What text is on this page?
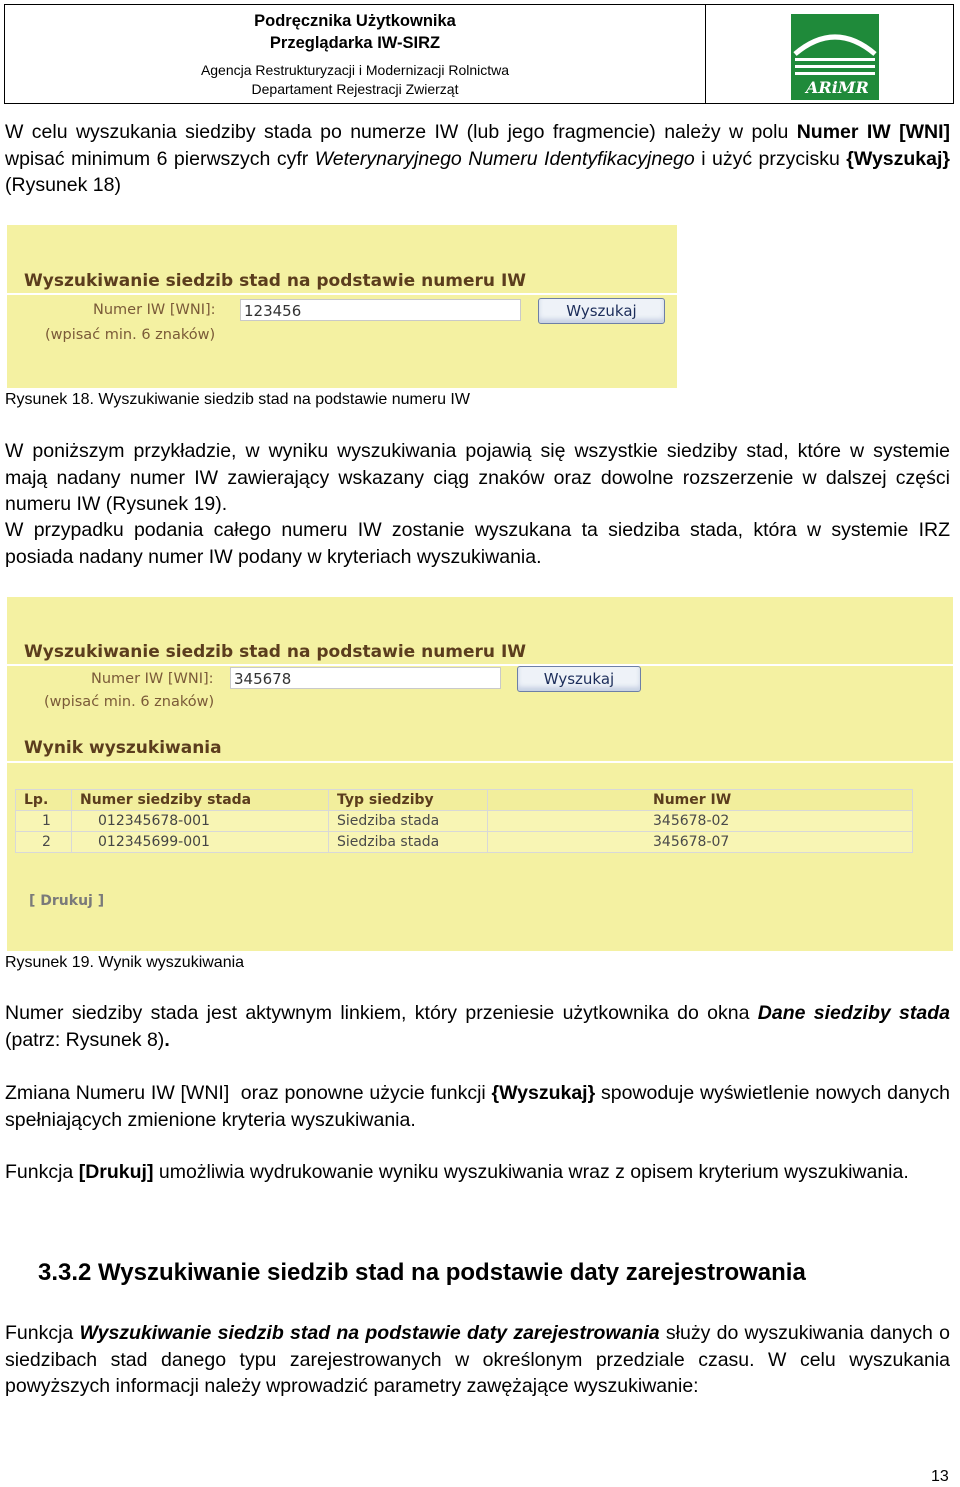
Podręcznika Użytkownika
Przeglądarka IW-SIRZ
Agencja Restrukturyzacji i Modernizacji Rolnictwa
Departament Rejestracji Zwierząt	ARiMR

W celu wyszukania siedziby stada po numerze IW (lub jego fragmencie) należy w polu Numer IW [WNI] wpisać minimum 6 pierwszych cyfr Weterynaryjnego Numeru Identyfikacyjnego i użyć przycisku {Wyszukaj} (Rysunek 18)

Wyszukiwanie siedzib stad na podstawie numeru IW
Numer IW [WNI]: 123456	Wyszukaj
(wpisać min. 6 znaków)

Rysunek 18. Wyszukiwanie siedzib stad na podstawie numeru IW

W poniższym przykładzie, w wyniku wyszukiwania pojawią się wszystkie siedziby stad, które w systemie mają nadany numer IW zawierający wskazany ciąg znaków oraz dowolne rozszerzenie w dalszej części numeru IW (Rysunek 19).

W przypadku podania całego numeru IW zostanie wyszukana ta siedziba stada, która w systemie IRZ posiada nadany numer IW podany w kryteriach wyszukiwania.

Wyszukiwanie siedzib stad na podstawie numeru IW
Numer IW [WNI]: 345678	Wyszukaj
(wpisać min. 6 znaków)
Wynik wyszukiwania
Lp.	Numer siedziby stada	Typ siedziby	Numer IW
1	012345678-001	Siedziba stada	345678-02
2	012345699-001	Siedziba stada	345678-07
[ Drukuj ]

Rysunek 19. Wynik wyszukiwania

Numer siedziby stada jest aktywnym linkiem, który przeniesie użytkownika do okna Dane siedziby stada (patrz: Rysunek 8).

Zmiana Numeru IW [WNI]  oraz ponowne użycie funkcji {Wyszukaj} spowoduje wyświetlenie nowych danych spełniających zmienione kryteria wyszukiwania.

Funkcja [Drukuj] umożliwia wydrukowanie wyniku wyszukiwania wraz z opisem kryterium wyszukiwania.

3.3.2 Wyszukiwanie siedzib stad na podstawie daty zarejestrowania

Funkcja Wyszukiwanie siedzib stad na podstawie daty zarejestrowania służy do wyszukiwania danych o siedzibach stad danego typu zarejestrowanych w określonym przedziale czasu. W celu wyszukania powyższych informacji należy wprowadzić parametry zawężające wyszukiwanie:

13
